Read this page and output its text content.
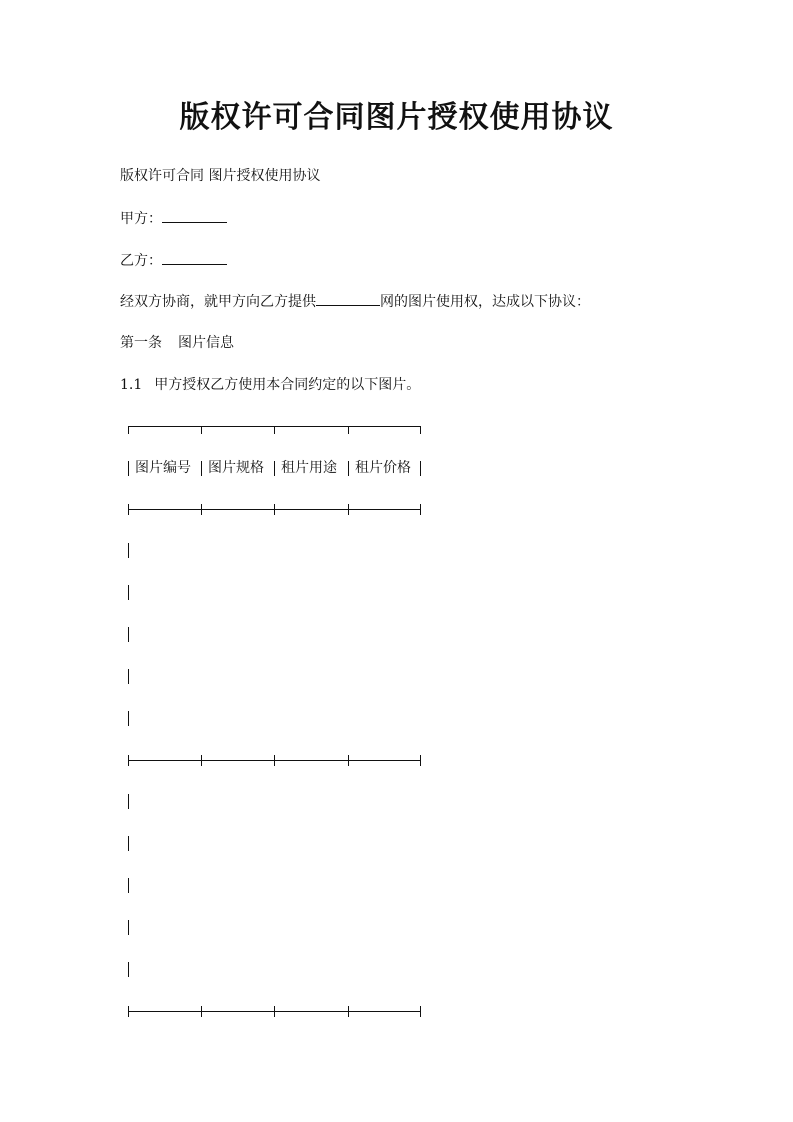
版权许可合同图片授权使用协议
版权许可合同 图片授权使用协议
甲方：
乙方：
经双方协商，就甲方向乙方提供	网的图片使用权，达成以下协议：
第一条 图片信息
1.1 甲方授权乙方使用本合同约定的以下图片。
图片编号 图片规格 租片用途 租片价格
